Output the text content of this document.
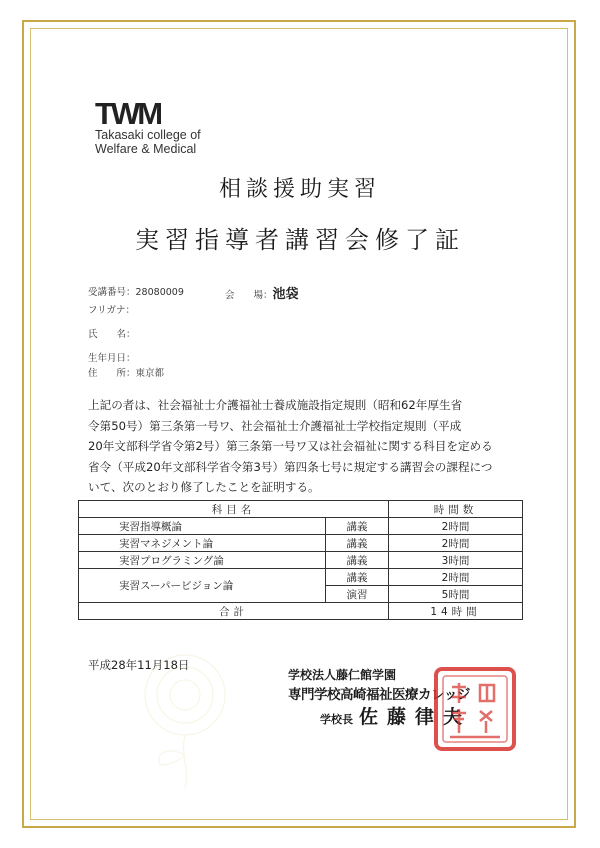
TWM
Takasaki college of
Welfare & Medical
相談援助実習
実習指導者講習会修了証
受講番号：28080009	会　　場：池袋
フリガナ：
氏　　名：
生年月日：
住　　所：東京都
上記の者は、社会福祉士介護福祉士養成施設指定規則（昭和62年厚生省
令第50号）第三条第一号ワ、社会福祉士介護福祉士学校指定規則（平成
20年文部科学省令第2号）第三条第一号ワ又は社会福祉に関する科目を定める
省令（平成20年文部科学省令第3号）第四条七号に規定する講習会の課程につ
いて、次のとおり修了したことを証明する。
科目名		時間数
実習指導概論	講義	2時間
実習マネジメント論	講義	2時間
実習プログラミング論	講義	3時間
実習スーパービジョン論	講義	2時間
	演習	5時間
合計		14時間
平成28年11月18日
学校法人藤仁館学園
専門学校高崎福祉医療カレッジ
学校長 佐藤律夫
